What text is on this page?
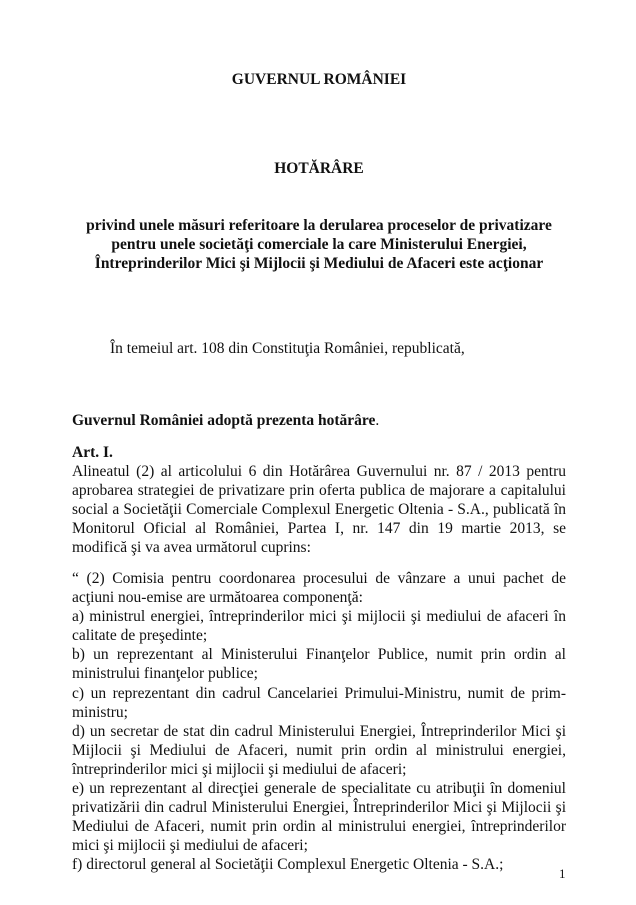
GUVERNUL ROMÂNIEI
HOTĂRÂRE
privind unele măsuri referitoare la derularea proceselor de privatizare pentru unele societăţi comerciale la care Ministerului Energiei, Întreprinderilor Mici şi Mijlocii şi Mediului de Afaceri este acţionar
În temeiul art. 108 din Constituţia României, republicată,
Guvernul României adoptă prezenta hotărâre.
Art. I.
Alineatul (2) al articolului 6 din Hotărârea Guvernului nr. 87 / 2013 pentru aprobarea strategiei de privatizare prin oferta publica de majorare a capitalului social a Societăţii Comerciale Complexul Energetic Oltenia - S.A., publicată în Monitorul Oficial al României, Partea I, nr. 147 din 19 martie 2013, se modifică şi va avea următorul cuprins:
“ (2) Comisia pentru coordonarea procesului de vânzare a unui pachet de acţiuni nou-emise are următoarea componenţă:
a) ministrul energiei, întreprinderilor mici şi mijlocii şi mediului de afaceri în calitate de preşedinte;
b) un reprezentant al Ministerului Finanţelor Publice, numit prin ordin al ministrului finanţelor publice;
c) un reprezentant din cadrul Cancelariei Primului-Ministru, numit de prim-ministru;
d) un secretar de stat din cadrul Ministerului Energiei, Întreprinderilor Mici şi Mijlocii şi Mediului de Afaceri, numit prin ordin al ministrului energiei, întreprinderilor mici şi mijlocii şi mediului de afaceri;
e) un reprezentant al direcţiei generale de specialitate cu atribuţii în domeniul privatizării din cadrul Ministerului Energiei, Întreprinderilor Mici şi Mijlocii şi Mediului de Afaceri, numit prin ordin al ministrului energiei, întreprinderilor mici şi mijlocii şi mediului de afaceri;
f) directorul general al Societăţii Complexul Energetic Oltenia - S.A.;
1
